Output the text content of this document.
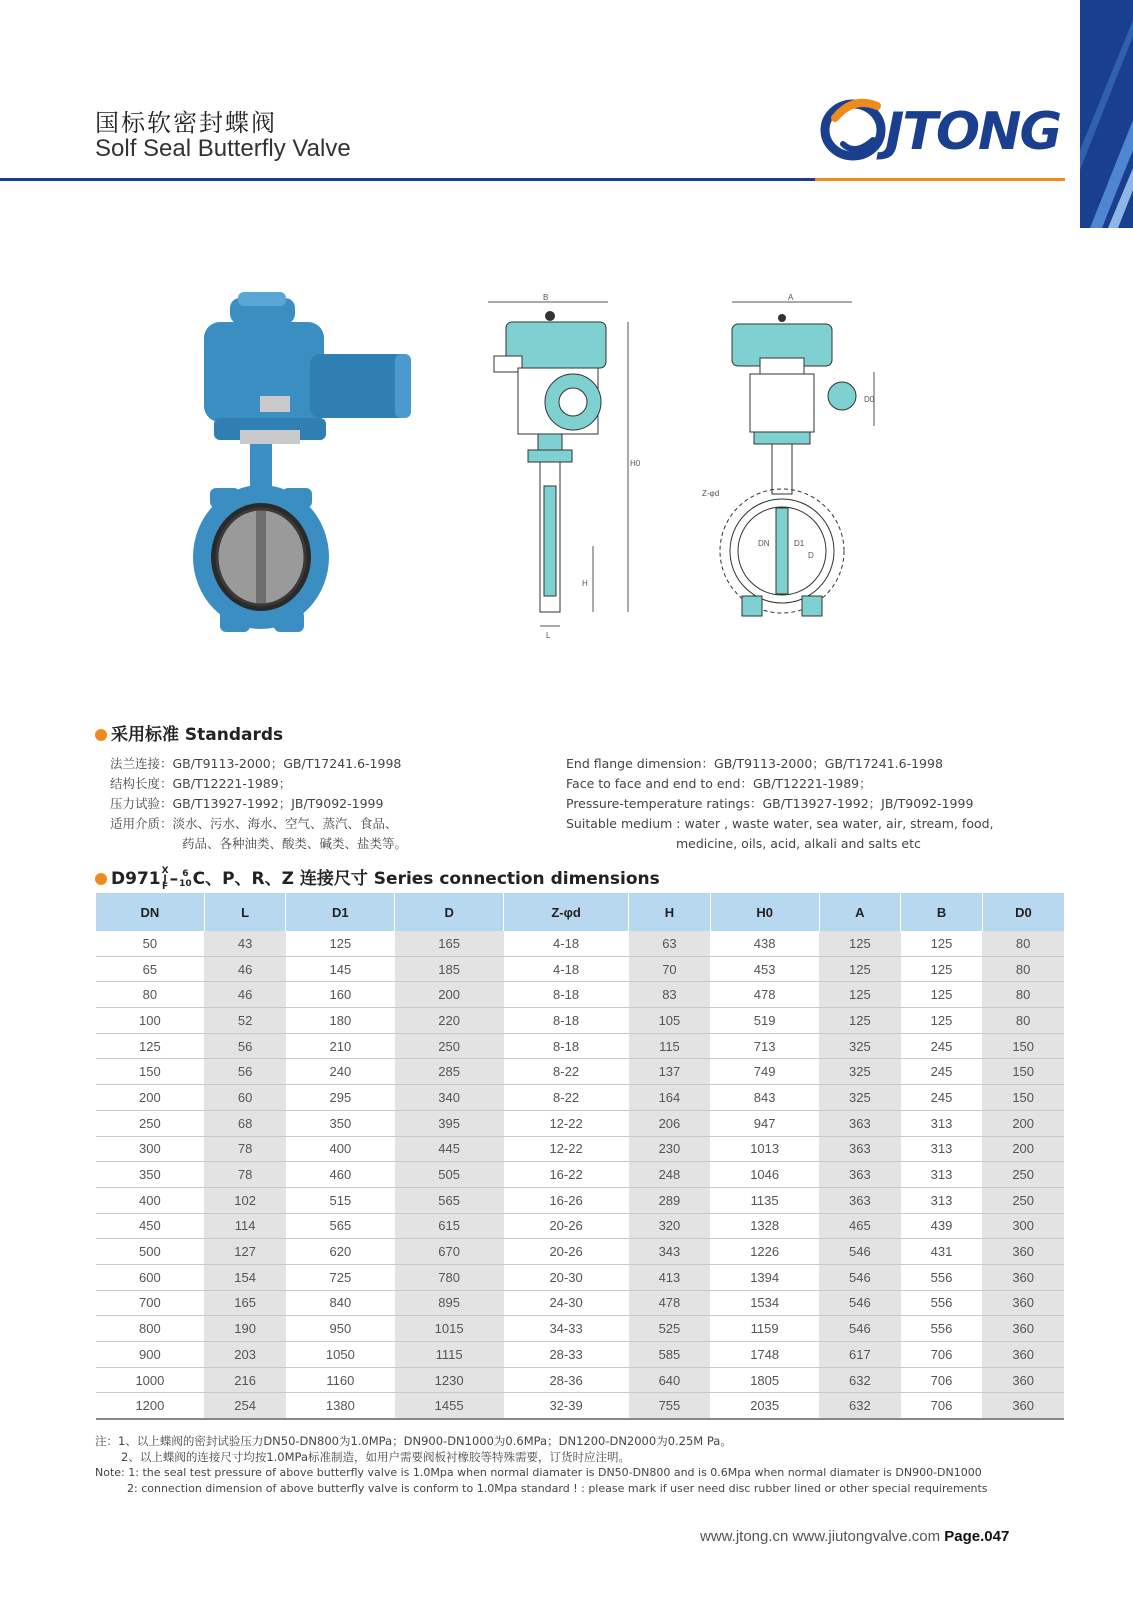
国标软密封蝶阀
Solf Seal Butterfly Valve	JTONG
B
H0
H
L
A
D0
Z-φd
DN	D1
D
采用标准 Standards
法兰连接：GB/T9113-2000；GB/T17241.6-1998
结构长度：GB/T12221-1989；
压力试验：GB/T13927-1992；JB/T9092-1999
适用介质：淡水、污水、海水、空气、蒸汽、食品、
药品、各种油类、酸类、碱类、盐类等。
End flange dimension：GB/T9113-2000；GB/T17241.6-1998
Face to face and end to end：GB/T12221-1989；
Pressure-temperature ratings：GB/T13927-1992；JB/T9092-1999
Suitable medium : water , waste water, sea water, air, stream, food,
medicine, oils, acid, alkali and salts etc
D971X
J
F– 6
10C、P、R、Z 连接尺寸 Series connection dimensions
DN	L	D1	D	Z-φd	H	H0	A	B	D0
50	43	125	165	4-18	63	438	125	125	80
65	46	145	185	4-18	70	453	125	125	80
80	46	160	200	8-18	83	478	125	125	80
100	52	180	220	8-18	105	519	125	125	80
125	56	210	250	8-18	115	713	325	245	150
150	56	240	285	8-22	137	749	325	245	150
200	60	295	340	8-22	164	843	325	245	150
250	68	350	395	12-22	206	947	363	313	200
300	78	400	445	12-22	230	1013	363	313	200
350	78	460	505	16-22	248	1046	363	313	250
400	102	515	565	16-26	289	1135	363	313	250
450	114	565	615	20-26	320	1328	465	439	300
500	127	620	670	20-26	343	1226	546	431	360
600	154	725	780	20-30	413	1394	546	556	360
700	165	840	895	24-30	478	1534	546	556	360
800	190	950	1015	34-33	525	1159	546	556	360
900	203	1050	1115	28-33	585	1748	617	706	360
1000	216	1160	1230	28-36	640	1805	632	706	360
1200	254	1380	1455	32-39	755	2035	632	706	360
注：1、以上蝶阀的密封试验压力DN50-DN800为1.0MPa；DN900-DN1000为0.6MPa；DN1200-DN2000为0.25M Pa。
2、以上蝶阀的连接尺寸均按1.0MPa标准制造，如用户需要阀板衬橡胶等特殊需要，订货时应注明。
Note: 1: the seal test pressure of above butterfly valve is 1.0Mpa when normal diamater is DN50-DN800 and is 0.6Mpa when normal diamater is DN900-DN1000
2: connection dimension of above butterfly valve is conform to 1.0Mpa standard ! : please mark if user need disc rubber lined or other special requirements
www.jtong.cn www.jiutongvalve.com Page.047
